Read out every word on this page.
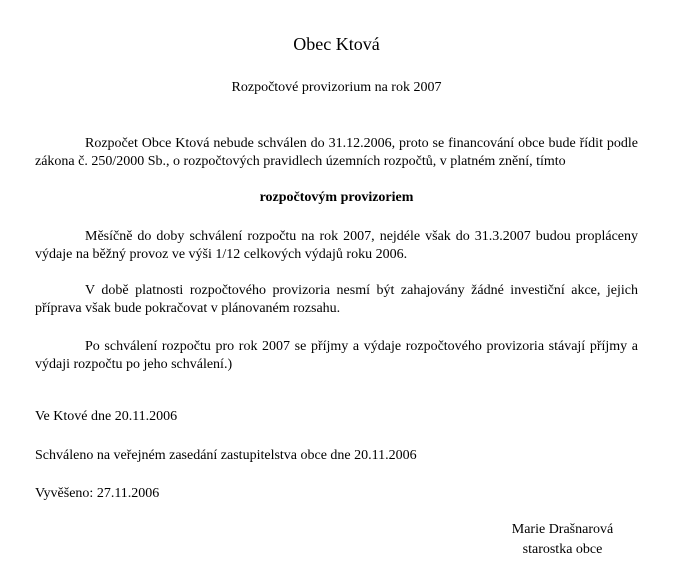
Obec Ktová
Rozpočtové provizorium na rok 2007

Rozpočet Obce Ktová nebude schválen do 31.12.2006, proto se financování obce bude řídit podle zákona č. 250/2000 Sb., o rozpočtových pravidlech územních rozpočtů, v platném znění, tímto

rozpočtovým provizoriem

Měsíčně do doby schválení rozpočtu na rok 2007, nejdéle však do 31.3.2007 budou propláceny výdaje na běžný provoz ve výši 1/12 celkových výdajů roku 2006.

V době platnosti rozpočtového provizoria nesmí být zahajovány žádné investiční akce, jejich příprava však bude pokračovat v plánovaném rozsahu.

Po schválení rozpočtu pro rok 2007 se příjmy a výdaje rozpočtového provizoria stávají příjmy a výdaji rozpočtu po jeho schválení.)

Ve Ktové dne 20.11.2006
Schváleno na veřejném zasedání zastupitelstva obce dne 20.11.2006
Vyvěšeno: 27.11.2006
Marie Drašnarová
starostka obce
